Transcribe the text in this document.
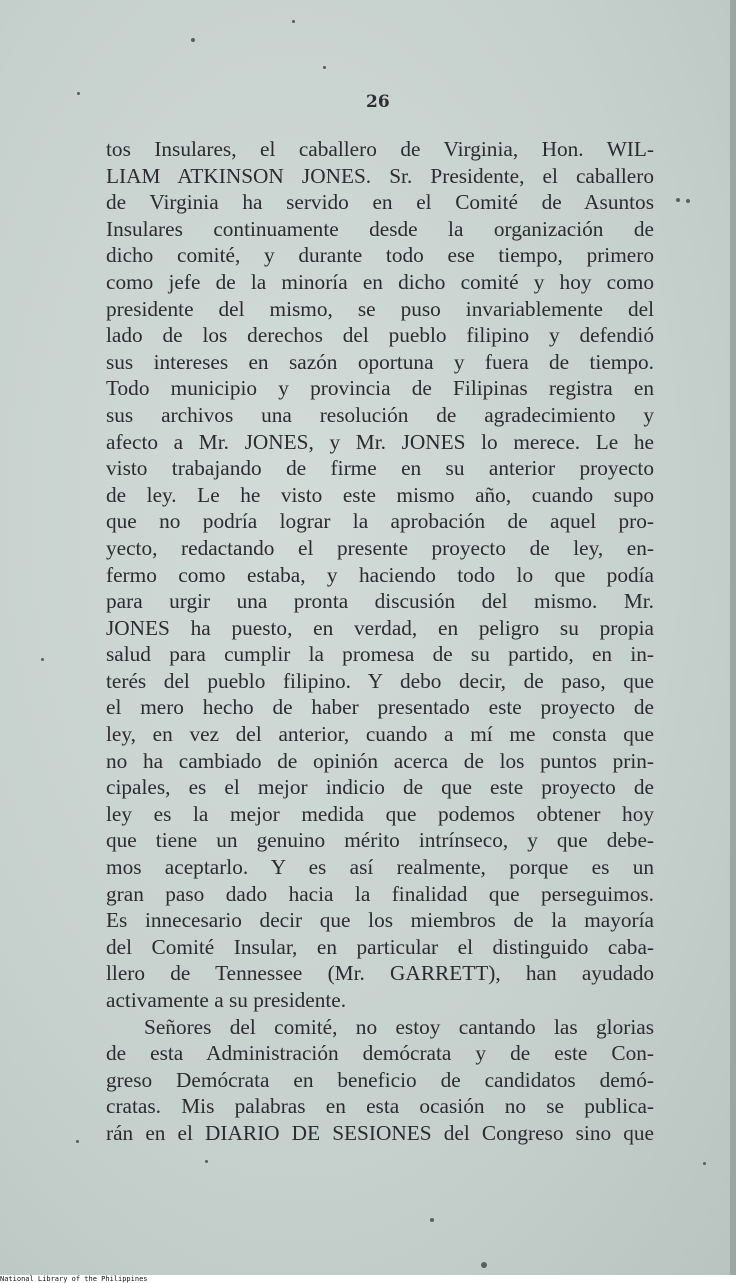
26
tos Insulares, el caballero de Virginia, Hon. WIL-
LIAM ATKINSON JONES. Sr. Presidente, el caballero
de Virginia ha servido en el Comité de Asuntos
Insulares continuamente desde la organización de
dicho comité, y durante todo ese tiempo, primero
como jefe de la minoría en dicho comité y hoy como
presidente del mismo, se puso invariablemente del
lado de los derechos del pueblo filipino y defendió
sus intereses en sazón oportuna y fuera de tiempo.
Todo municipio y provincia de Filipinas registra en
sus archivos una resolución de agradecimiento y
afecto a Mr. JONES, y Mr. JONES lo merece. Le he
visto trabajando de firme en su anterior proyecto
de ley. Le he visto este mismo año, cuando supo
que no podría lograr la aprobación de aquel pro-
yecto, redactando el presente proyecto de ley, en-
fermo como estaba, y haciendo todo lo que podía
para urgir una pronta discusión del mismo. Mr.
JONES ha puesto, en verdad, en peligro su propia
salud para cumplir la promesa de su partido, en in-
terés del pueblo filipino. Y debo decir, de paso, que
el mero hecho de haber presentado este proyecto de
ley, en vez del anterior, cuando a mí me consta que
no ha cambiado de opinión acerca de los puntos prin-
cipales, es el mejor indicio de que este proyecto de
ley es la mejor medida que podemos obtener hoy
que tiene un genuino mérito intrínseco, y que debe-
mos aceptarlo. Y es así realmente, porque es un
gran paso dado hacia la finalidad que perseguimos.
Es innecesario decir que los miembros de la mayoría
del Comité Insular, en particular el distinguido caba-
llero de Tennessee (Mr. GARRETT), han ayudado
activamente a su presidente.
Señores del comité, no estoy cantando las glorias
de esta Administración demócrata y de este Con-
greso Demócrata en beneficio de candidatos demó-
cratas. Mis palabras en esta ocasión no se publica-
rán en el DIARIO DE SESIONES del Congreso sino que
National Library of the Philippines
